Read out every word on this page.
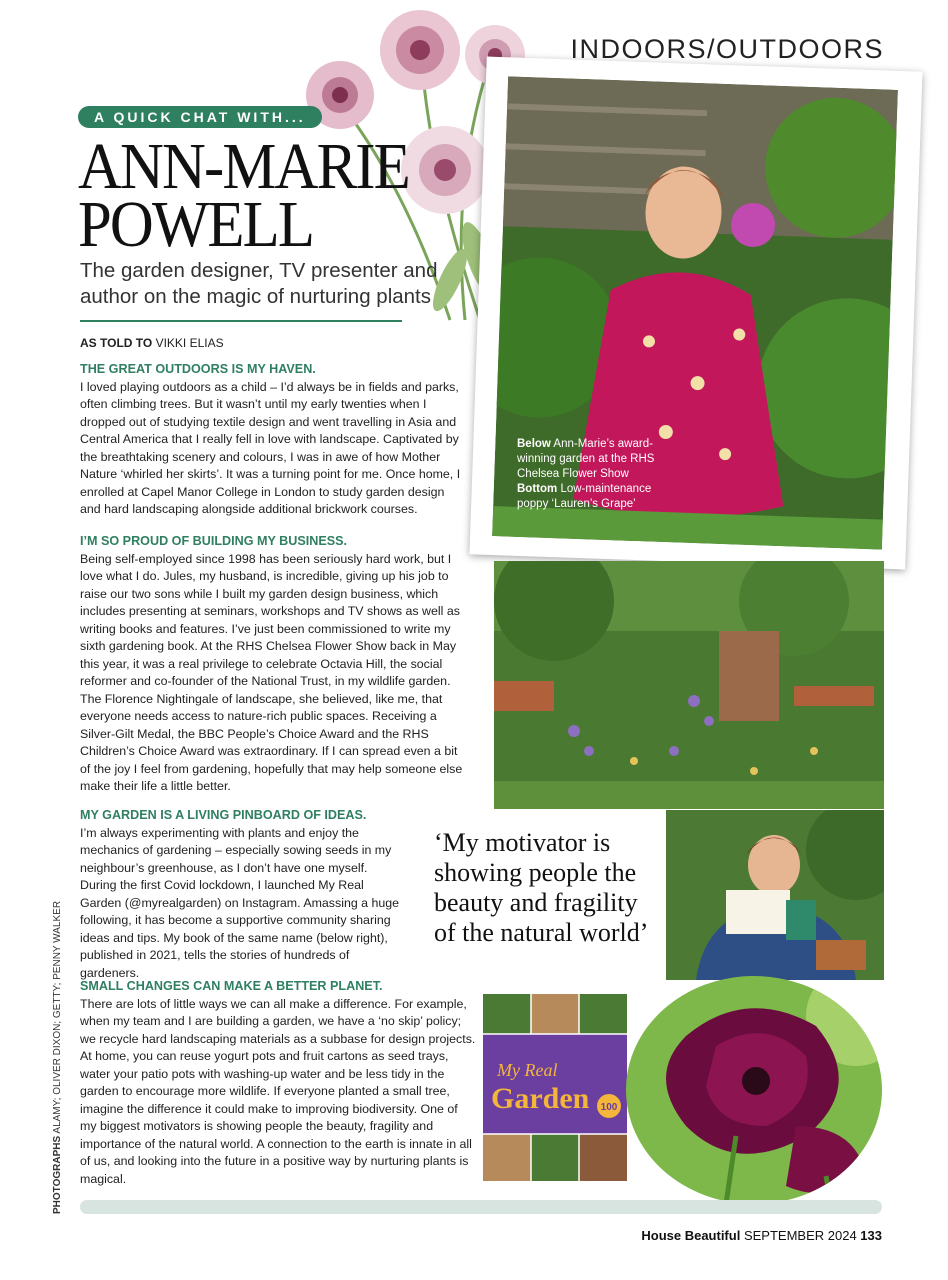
INDOORS/OUTDOORS
A QUICK CHAT WITH...
ANN-MARIE
POWELL
The garden designer, TV presenter and author on the magic of nurturing plants
AS TOLD TO VIKKI ELIAS

THE GREAT OUTDOORS IS MY HAVEN.

I loved playing outdoors as a child – I’d always be in fields and parks, often climbing trees. But it wasn’t until my early twenties when I dropped out of studying textile design and went travelling in Asia and Central America that I really fell in love with landscape. Captivated by the breathtaking scenery and colours, I was in awe of how Mother Nature ‘whirled her skirts’. It was a turning point for me. Once home, I enrolled at Capel Manor College in London to study garden design and hard landscaping alongside additional brickwork courses.

I’M SO PROUD OF BUILDING MY BUSINESS.

Being self-employed since 1998 has been seriously hard work, but I love what I do. Jules, my husband, is incredible, giving up his job to raise our two sons while I built my garden design business, which includes presenting at seminars, workshops and TV shows as well as writing books and features. I’ve just been commissioned to write my sixth gardening book. At the RHS Chelsea Flower Show back in May this year, it was a real privilege to celebrate Octavia Hill, the social reformer and co-founder of the National Trust, in my wildlife garden. The Florence Nightingale of landscape, she believed, like me, that everyone needs access to nature-rich public spaces. Receiving a Silver-Gilt Medal, the BBC People’s Choice Award and the RHS Children’s Choice Award was extraordinary. If I can spread even a bit of the joy I feel from gardening, hopefully that may help someone else make their life a little better.

MY GARDEN IS A LIVING PINBOARD OF IDEAS.

I’m always experimenting with plants and enjoy the mechanics of gardening – especially sowing seeds in my neighbour’s greenhouse, as I don’t have one myself. During the first Covid lockdown, I launched My Real Garden (@myrealgarden) on Instagram. Amassing a huge following, it has become a supportive community sharing ideas and tips. My book of the same name (below right), published in 2021, tells the stories of hundreds of gardeners.

SMALL CHANGES CAN MAKE A BETTER PLANET.

There are lots of little ways we can all make a difference. For example, when my team and I are building a garden, we have a ‘no skip’ policy; we recycle hard landscaping materials as a subbase for design projects. At home, you can reuse yogurt pots and fruit cartons as seed trays, water your patio pots with washing-up water and be less tidy in the garden to encourage more wildlife. If everyone planted a small tree, imagine the difference it could make to improving biodiversity. One of my biggest motivators is showing people the beauty, fragility and importance of the natural world. A connection to the earth is innate in all of us, and looking into the future in a positive way by nurturing plants is magical.

Below Ann-Marie’s award-winning garden at the RHS Chelsea Flower Show Bottom Low-maintenance poppy ‘Lauren’s Grape’
‘My motivator is showing people the beauty and fragility of the natural world’
My Real
Garden 100
PHOTOGRAPHS ALAMY; OLIVER DIXON; GETTY; PENNY WALKER
House Beautiful SEPTEMBER 2024 133
